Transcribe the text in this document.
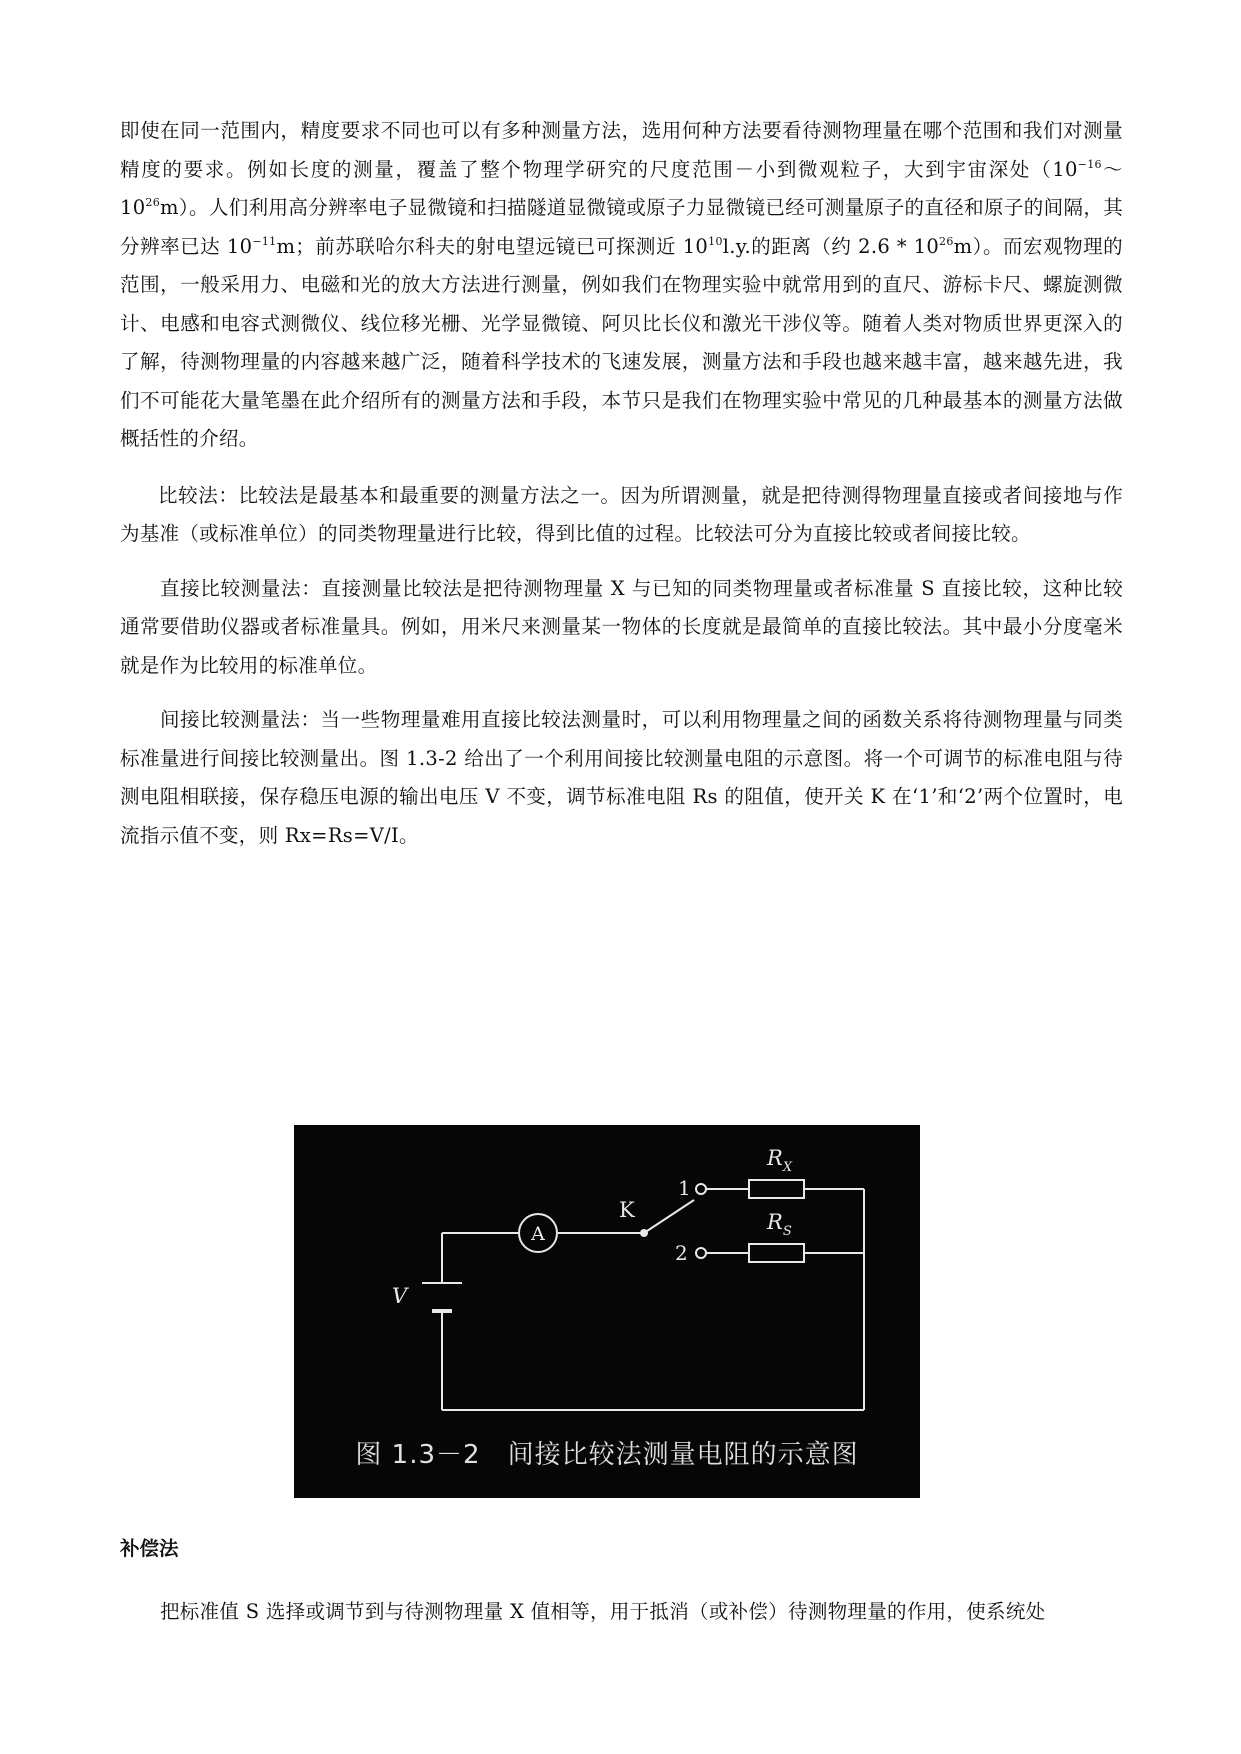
即使在同一范围内，精度要求不同也可以有多种测量方法，选用何种方法要看待测物理量在哪个范围和我们对测量精度的要求。例如长度的测量，覆盖了整个物理学研究的尺度范围－小到微观粒子，大到宇宙深处$(10^{-16}\sim 10^{26}m)$。人们利用高分辨率电子显微镜和扫描隧道显微镜或原子力显微镜已经可测量原子的直径和原子的间隔，其分辨率已达 $10^{-11}m$；前苏联哈尔科夫的射电望远镜已可探测近 $10^{10}l.y$.的距离（约 $2.6 * 10^{26}m$）。而宏观物理的范围，一般采用力、电磁和光的放大方法进行测量，例如我们在物理实验中就常用到的直尺、游标卡尺、螺旋测微计、电感和电容式测微仪、线位移光栅、光学显微镜、阿贝比长仪和激光干涉仪等。随着人类对物质世界更深入的了解，待测物理量的内容越来越广泛，随着科学技术的飞速发展，测量方法和手段也越来越丰富，越来越先进，我们不可能花大量笔墨在此介绍所有的测量方法和手段，本节只是我们在物理实验中常见的几种最基本的测量方法做概括性的介绍。

比较法：比较法是最基本和最重要的测量方法之一。因为所谓测量，就是把待测得物理量直接或者间接地与作为基准（或标准单位）的同类物理量进行比较，得到比值的过程。比较法可分为直接比较或者间接比较。

直接比较测量法：直接测量比较法是把待测物理量 X 与已知的同类物理量或者标准量 S 直接比较，这种比较通常要借助仪器或者标准量具。例如，用米尺来测量某一物体的长度就是最简单的直接比较法。其中最小分度毫米就是作为比较用的标准单位。

间接比较测量法：当一些物理量难用直接比较法测量时，可以利用物理量之间的函数关系将待测物理量与同类标准量进行间接比较测量出。图 1.3-2 给出了一个利用间接比较测量电阻的示意图。将一个可调节的标准电阻与待测电阻相联接，保存稳压电源的输出电压 V 不变，调节标准电阻 Rs 的阻值，使开关 K 在‘1’和‘2’两个位置时，电流指示值不变，则 Rx=Rs=V/I。

A
K
1
2
$R_X$
$R_S$
V
图 1.3－2　间接比较法测量电阻的示意图
补偿法

把标准值 S 选择或调节到与待测物理量 X 值相等，用于抵消（或补偿）待测物理量的作用，使系统处
